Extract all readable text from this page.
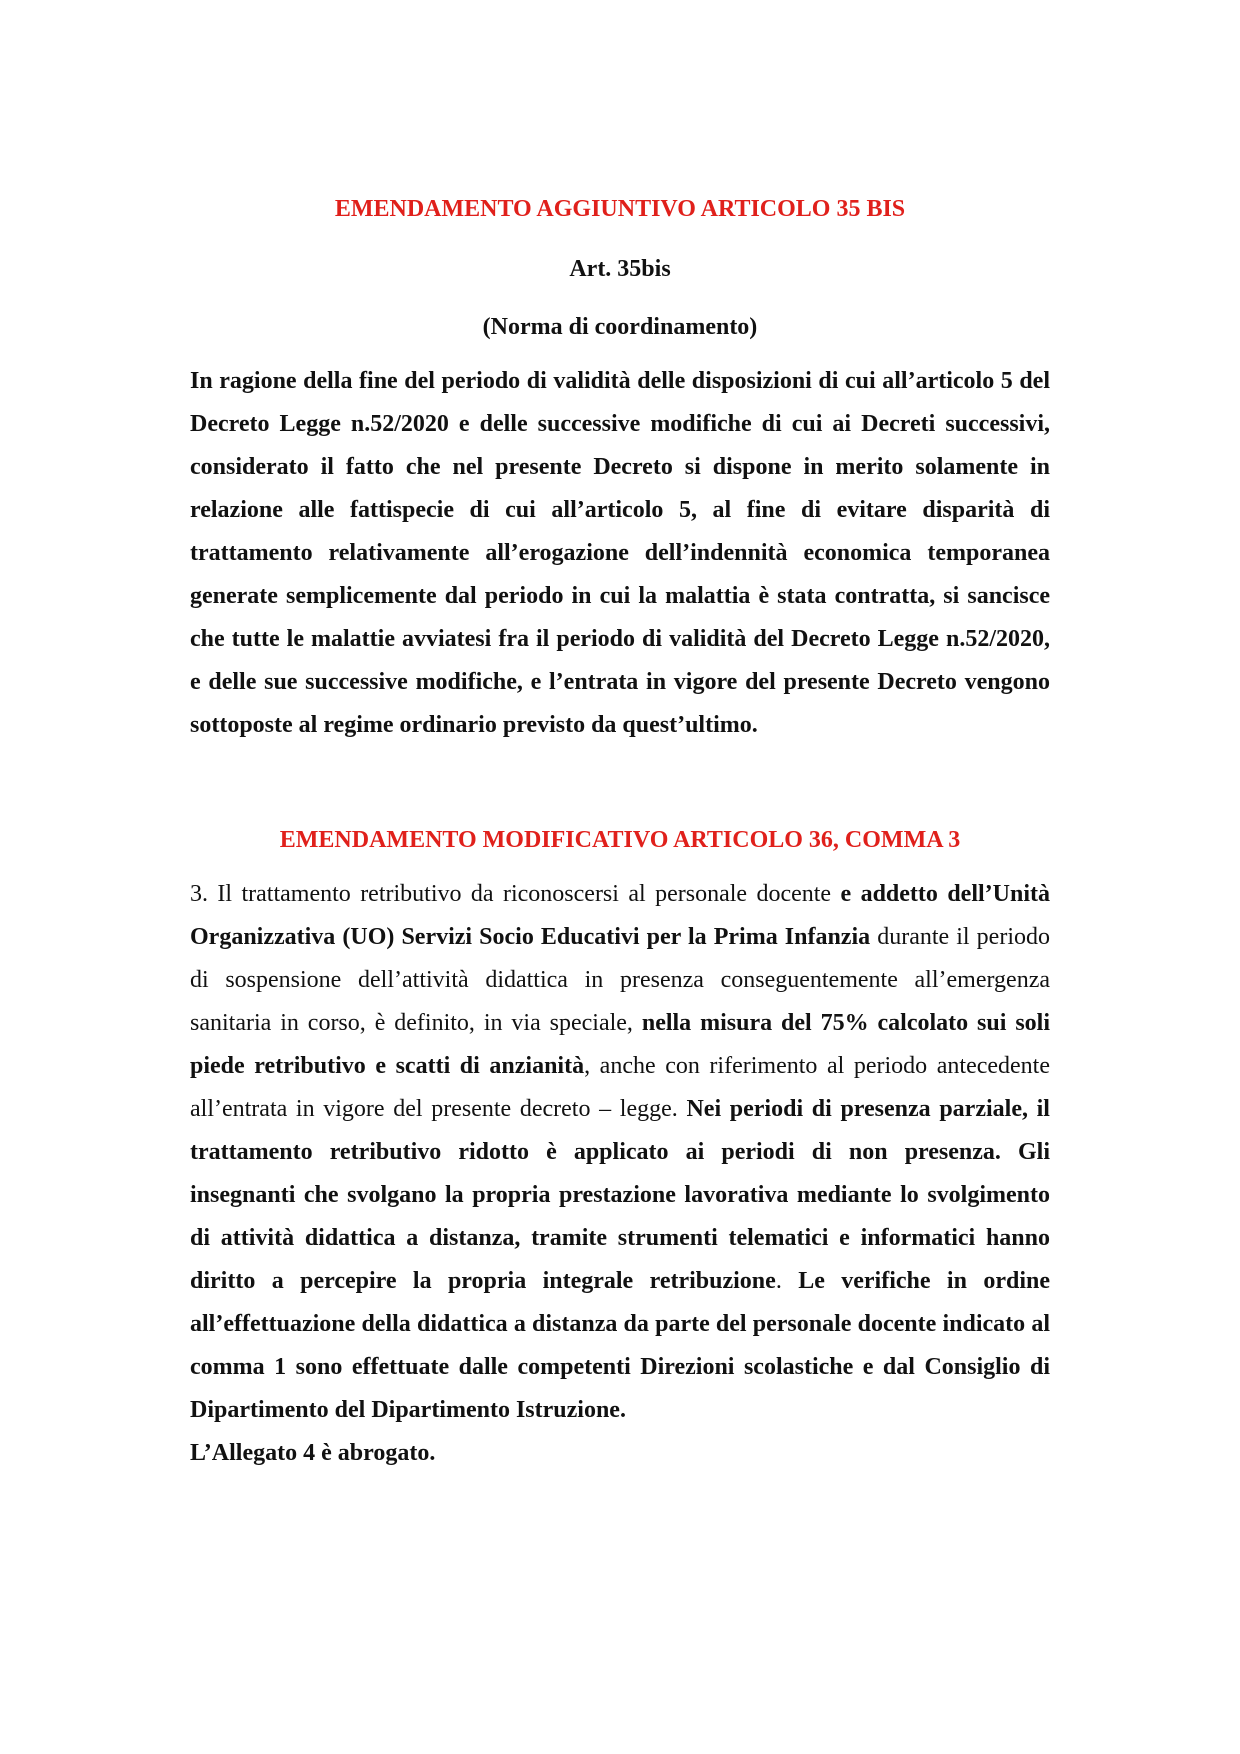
EMENDAMENTO AGGIUNTIVO ARTICOLO 35 BIS

Art. 35bis

(Norma di coordinamento)

In ragione della fine del periodo di validità delle disposizioni di cui all’articolo 5 del Decreto Legge n.52/2020 e delle successive modifiche di cui ai Decreti successivi, considerato il fatto che nel presente Decreto si dispone in merito solamente in relazione alle fattispecie di cui all’articolo 5, al fine di evitare disparità di trattamento relativamente all’erogazione dell’indennità economica temporanea generate semplicemente dal periodo in cui la malattia è stata contratta, si sancisce che tutte le malattie avviatesi fra il periodo di validità del Decreto Legge n.52/2020, e delle sue successive modifiche, e l’entrata in vigore del presente Decreto vengono sottoposte al regime ordinario previsto da quest’ultimo.

EMENDAMENTO MODIFICATIVO ARTICOLO 36, COMMA 3

3. Il trattamento retributivo da riconoscersi al personale docente e addetto dell’Unità Organizzativa (UO) Servizi Socio Educativi per la Prima Infanzia durante il periodo di sospensione dell’attività didattica in presenza conseguentemente all’emergenza sanitaria in corso, è definito, in via speciale, nella misura del 75% calcolato sui soli piede retributivo e scatti di anzianità, anche con riferimento al periodo antecedente all’entrata in vigore del presente decreto – legge. Nei periodi di presenza parziale, il trattamento retributivo ridotto è applicato ai periodi di non presenza. Gli insegnanti che svolgano la propria prestazione lavorativa mediante lo svolgimento di attività didattica a distanza, tramite strumenti telematici e informatici hanno diritto a percepire la propria integrale retribuzione. Le verifiche in ordine all’effettuazione della didattica a distanza da parte del personale docente indicato al comma 1 sono effettuate dalle competenti Direzioni scolastiche e dal Consiglio di Dipartimento del Dipartimento Istruzione.

L’Allegato 4 è abrogato.
